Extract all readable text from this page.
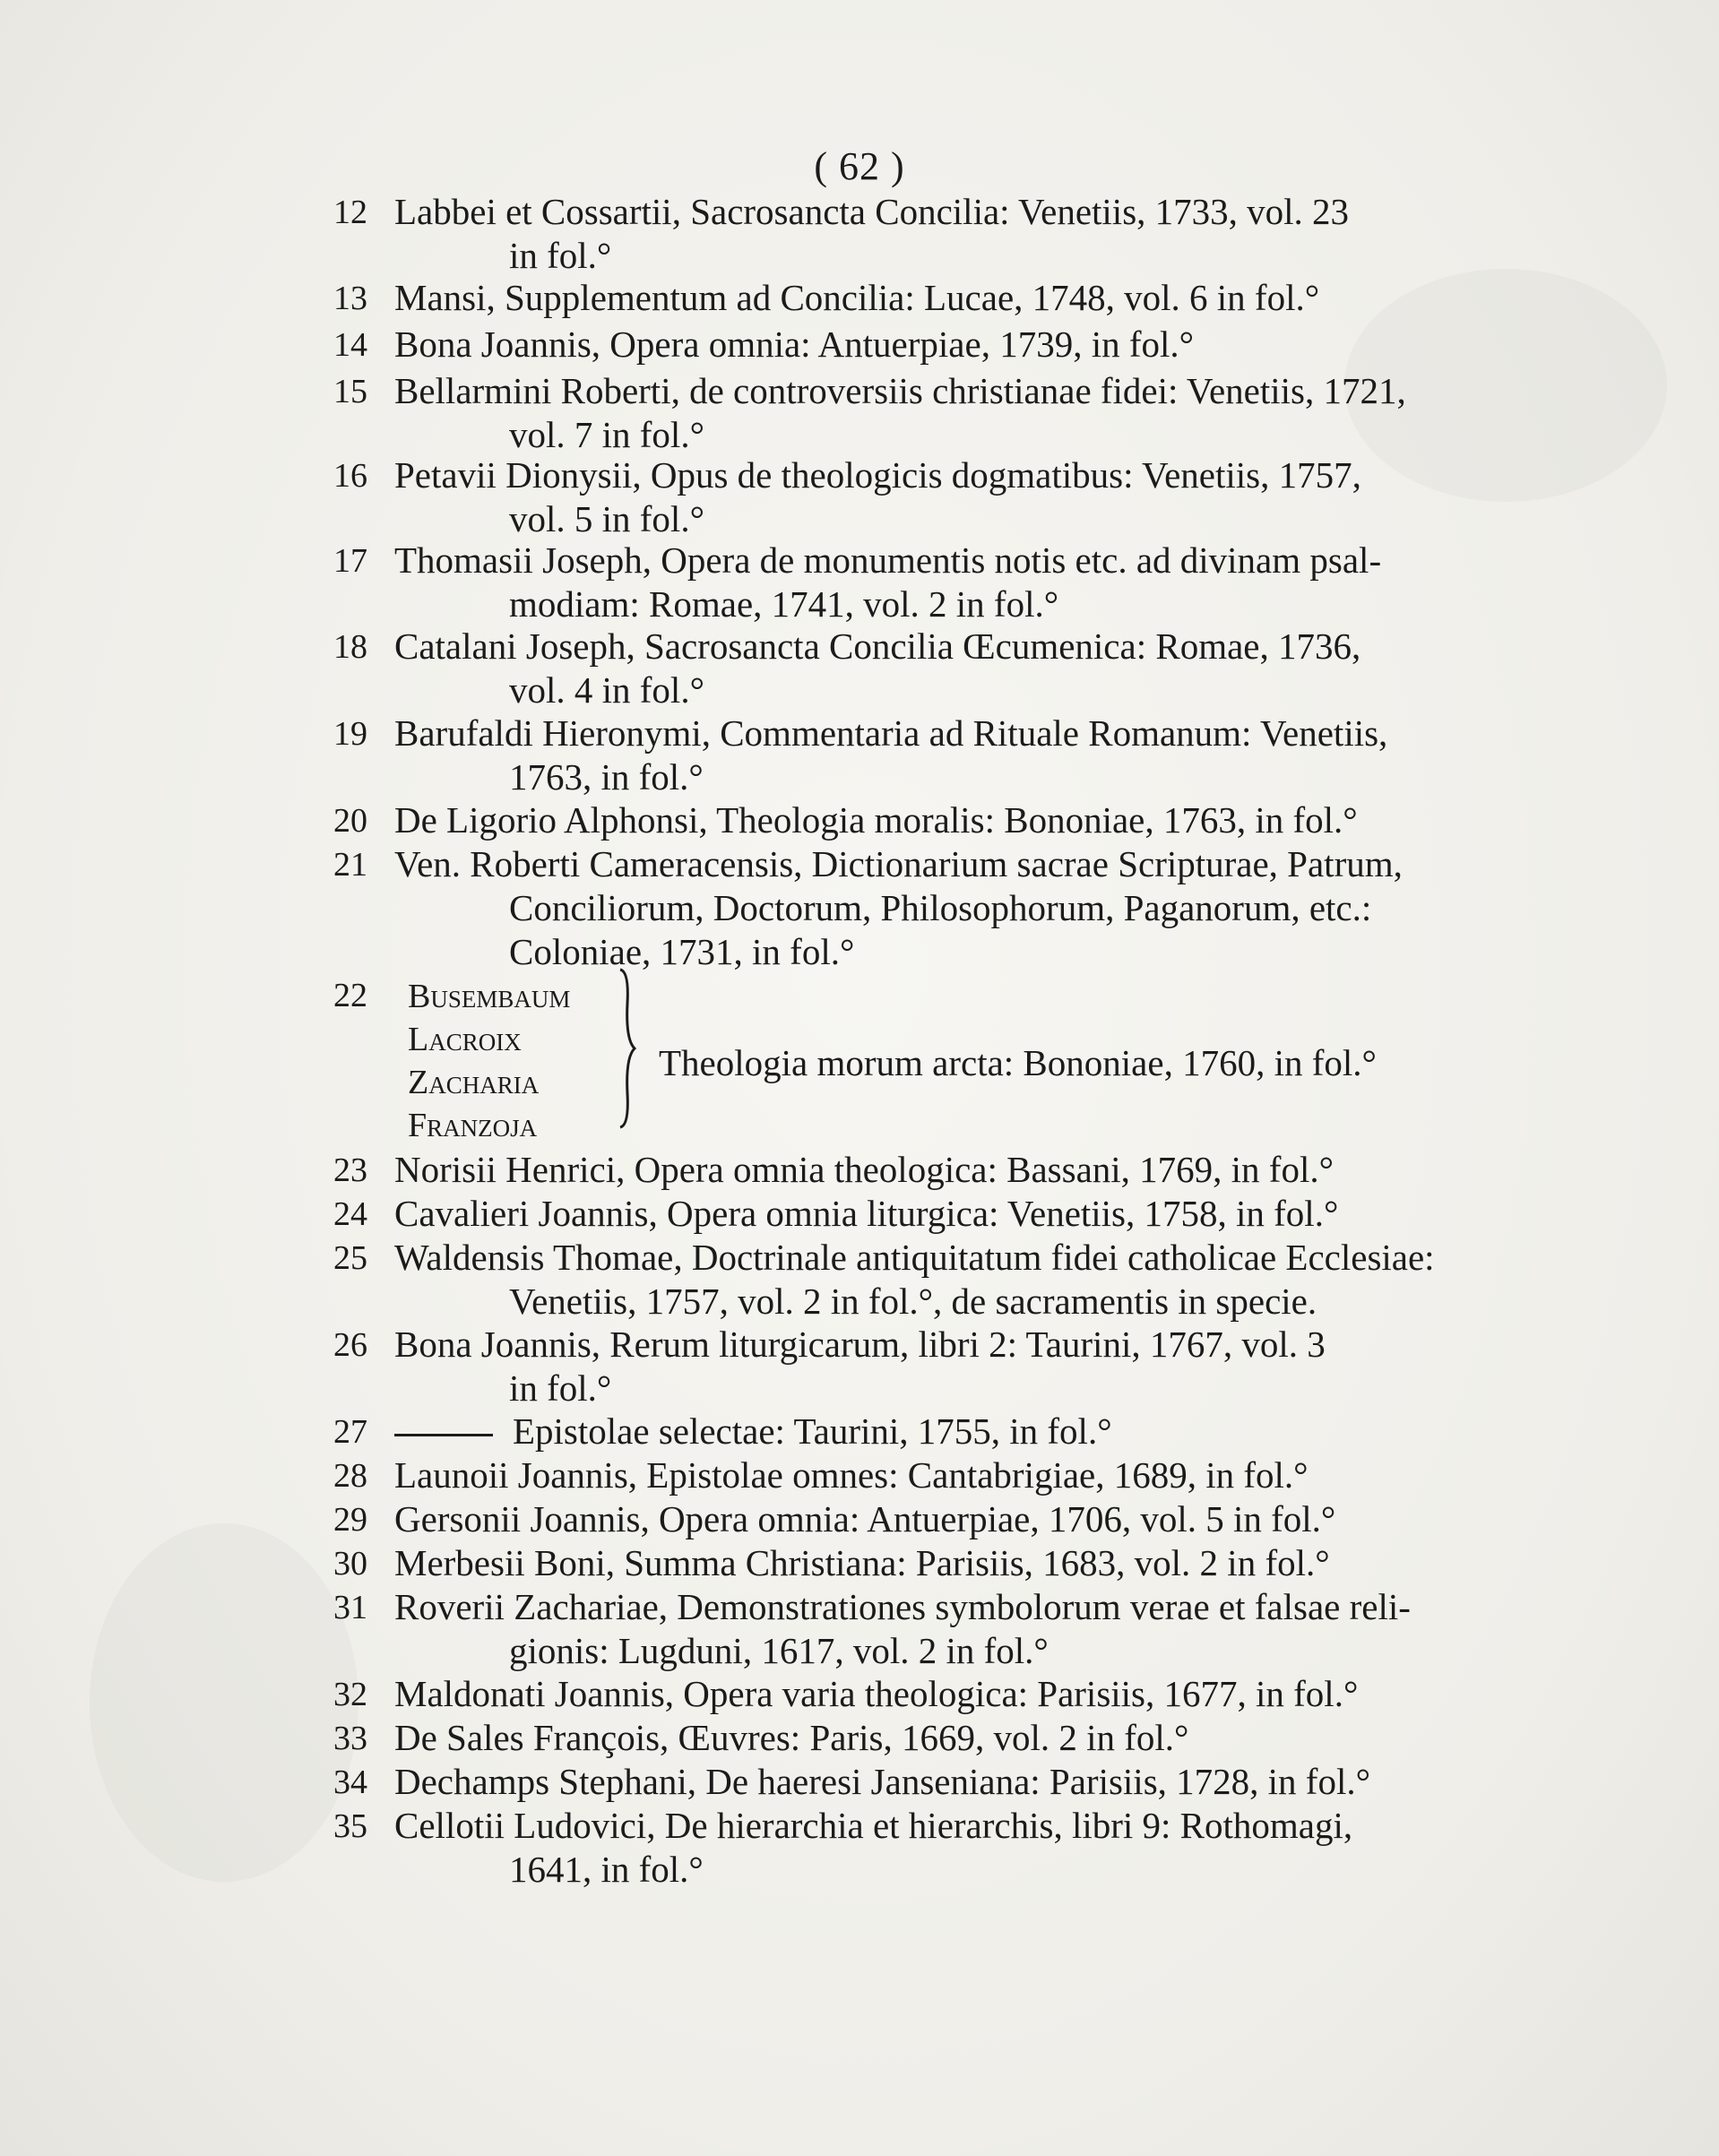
( 62 )
12 Labbei et Cossartii, Sacrosancta Concilia: Venetiis, 1733, vol. 23
in fol.°
13 Mansi, Supplementum ad Concilia: Lucae, 1748, vol. 6 in fol.°
14 Bona Joannis, Opera omnia: Antuerpiae, 1739, in fol.°
15 Bellarmini Roberti, de controversiis christianae fidei: Venetiis, 1721,
vol. 7 in fol.°
16 Petavii Dionysii, Opus de theologicis dogmatibus: Venetiis, 1757,
vol. 5 in fol.°
17 Thomasii Joseph, Opera de monumentis notis etc. ad divinam psal-
modiam: Romae, 1741, vol. 2 in fol.°
18 Catalani Joseph, Sacrosancta Concilia Œcumenica: Romae, 1736,
vol. 4 in fol.°
19 Barufaldi Hieronymi, Commentaria ad Rituale Romanum: Venetiis,
1763, in fol.°
20 De Ligorio Alphonsi, Theologia moralis: Bononiae, 1763, in fol.°
21 Ven. Roberti Cameracensis, Dictionarium sacrae Scripturae, Patrum,
Conciliorum, Doctorum, Philosophorum, Paganorum, etc.:
Coloniae, 1731, in fol.°
22 Busembaum
Lacroix
Zacharia
Franzoja
Theologia morum arcta: Bononiae, 1760, in fol.°
23 Norisii Henrici, Opera omnia theologica: Bassani, 1769, in fol.°
24 Cavalieri Joannis, Opera omnia liturgica: Venetiis, 1758, in fol.°
25 Waldensis Thomae, Doctrinale antiquitatum fidei catholicae Ecclesiae:
Venetiis, 1757, vol. 2 in fol.°, de sacramentis in specie.
26 Bona Joannis, Rerum liturgicarum, libri 2: Taurini, 1767, vol. 3
in fol.°
27	Epistolae selectae: Taurini, 1755, in fol.°
28 Launoii Joannis, Epistolae omnes: Cantabrigiae, 1689, in fol.°
29 Gersonii Joannis, Opera omnia: Antuerpiae, 1706, vol. 5 in fol.°
30 Merbesii Boni, Summa Christiana: Parisiis, 1683, vol. 2 in fol.°
31 Roverii Zachariae, Demonstrationes symbolorum verae et falsae reli-
gionis: Lugduni, 1617, vol. 2 in fol.°
32 Maldonati Joannis, Opera varia theologica: Parisiis, 1677, in fol.°
33 De Sales François, Œuvres: Paris, 1669, vol. 2 in fol.°
34 Dechamps Stephani, De haeresi Janseniana: Parisiis, 1728, in fol.°
35 Cellotii Ludovici, De hierarchia et hierarchis, libri 9: Rothomagi,
1641, in fol.°
